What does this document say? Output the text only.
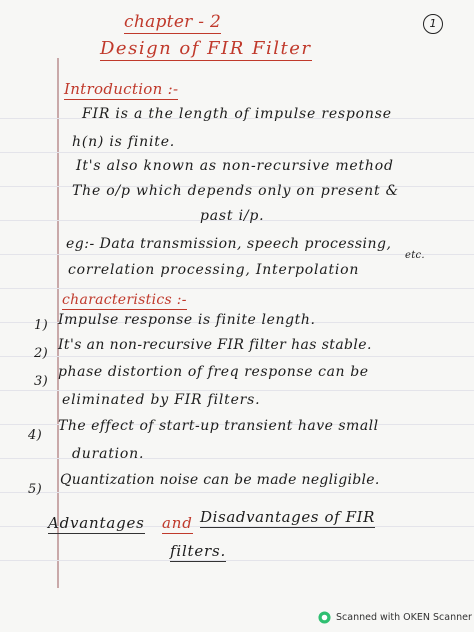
chapter - 2
Design of FIR Filter
1
Introduction :-
FIR is a the length of impulse response
h(n) is finite.
It's also known as non-recursive method
The o/p which depends only on present &
past i/p.
eg:- Data transmission, speech processing,
correlation processing, Interpolation
etc.
characteristics :-
1) Impulse response is finite length.
2)
It's an non-recursive FIR filter has stable.
3)
phase distortion of freq response can be
eliminated by FIR filters.
4)
The effect of start-up transient have small
duration.
5)
Quantization noise can be made negligible.
Advantages and Disadvantages of FIR
filters.
Scanned with OKEN Scanner
